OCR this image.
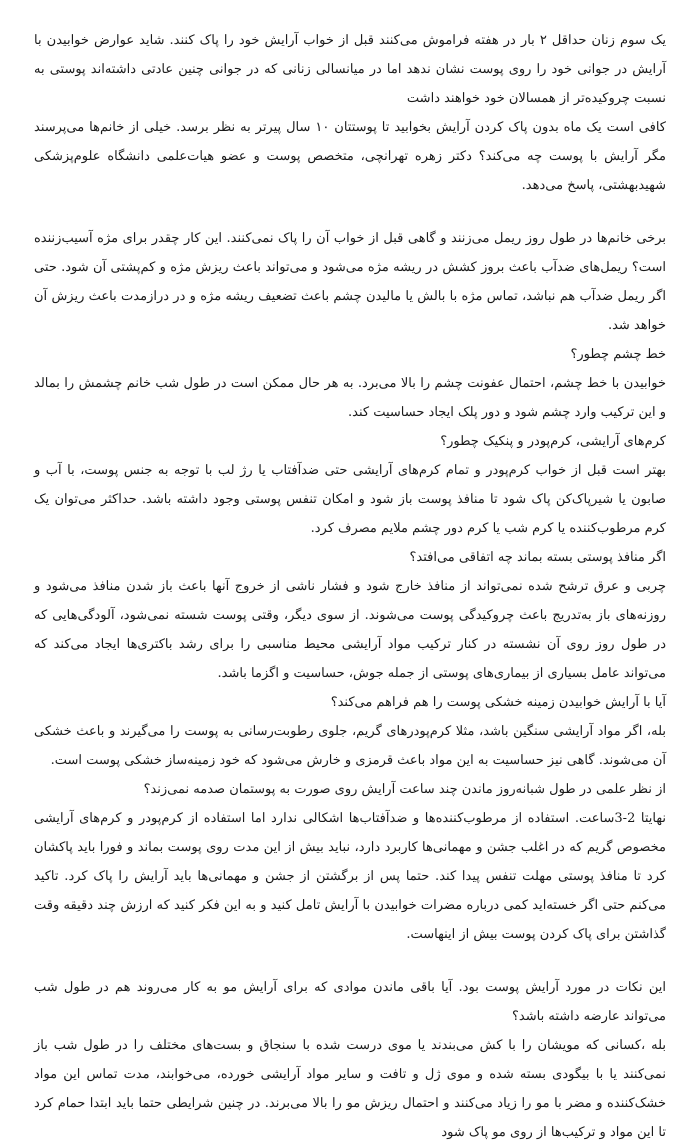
یک سوم زنان حداقل ۲ بار در هفته فراموش می‌کنند قبل از خواب آرایش خود را پاک کنند. شاید عوارض خوابیدن با آرایش در جوانی خود را روی پوست نشان ندهد اما در میانسالی زنانی که در جوانی چنین عادتی داشته‌اند پوستی به نسبت چروکیده‌تر از همسالان خود خواهند داشت

کافی است یک ماه بدون پاک کردن آرایش بخوابید تا پوستتان ۱۰ سال پیرتر به نظر برسد. خیلی از خانم‌ها می‌پرسند مگر آرایش با پوست چه می‌کند؟ دکتر زهره تهرانچی، متخصص پوست و عضو هیات‌علمی دانشگاه علوم‌پزشکی شهیدبهشتی، پاسخ می‌دهد.

برخی خانم‌ها در طول روز ریمل می‌زنند و گاهی قبل از خواب آن را پاک نمی‌کنند. این کار چقدر برای مژه آسیب‌زننده است؟ ریمل‌های ضدآب باعث بروز کشش در ریشه مژه می‌شود و می‌تواند باعث ریزش مژه و کم‌پشتی آن شود. حتی اگر ریمل ضدآب هم نباشد، تماس مژه با بالش یا مالیدن چشم باعث تضعیف ریشه مژه و در درازمدت باعث ریزش آن خواهد شد.

خط چشم چطور؟

خوابیدن با خط چشم، احتمال عفونت چشم را بالا می‌برد. به هر حال ممکن است در طول شب خانم چشمش را بمالد و این ترکیب وارد چشم شود و دور پلک ایجاد حساسیت کند.

کرم‌های آرایشی، کرم‌پودر و پنکیک چطور؟

بهتر است قبل از خواب کرم‌پودر و تمام کرم‌های آرایشی حتی ضدآفتاب یا رژ لب با توجه به جنس پوست، با آب و صابون یا شیرپاک‌کن پاک شود تا منافذ پوست باز شود و امکان تنفس پوستی وجود داشته باشد. حداکثر می‌توان یک کرم مرطوب‌کننده یا کرم شب یا کرم دور چشم ملایم مصرف کرد.

اگر منافذ پوستی بسته بماند چه اتفاقی می‌افتد؟

چربی و عرق ترشح شده نمی‌تواند از منافذ خارج شود و فشار ناشی از خروج آنها باعث باز شدن منافذ می‌شود و روزنه‌های باز به‌تدریج باعث چروکیدگی پوست می‌شوند. از سوی دیگر، وقتی پوست شسته نمی‌شود، آلودگی‌هایی که در طول روز روی آن نشسته در کنار ترکیب مواد آرایشی محیط مناسبی را برای رشد باکتری‌ها ایجاد می‌کند که می‌تواند عامل بسیاری از بیماری‌های پوستی از جمله جوش، حساسیت و اگزما باشد.

آیا با آرایش خوابیدن زمینه خشکی پوست را هم فراهم می‌کند؟

بله، اگر مواد آرایشی سنگین باشد، مثلا کرم‌پودرهای گریم، جلوی رطوبت‌رسانی به پوست را می‌گیرند و باعث خشکی آن می‌شوند. گاهی نیز حساسیت به این مواد باعث قرمزی و خارش می‌شود که خود زمینه‌ساز خشکی پوست است.

از نظر علمی در طول شبانه‌روز ماندن چند ساعت آرایش روی صورت به پوستمان صدمه نمی‌زند؟

نهایتا 2-3ساعت. استفاده از مرطوب‌کننده‌ها و ضدآفتاب‌ها اشکالی ندارد اما استفاده از کرم‌پودر و کرم‌های آرایشی مخصوص گریم که در اغلب جشن و مهمانی‌ها کاربرد دارد، نباید بیش از این مدت روی پوست بماند و فورا باید پاکشان کرد تا منافذ پوستی مهلت تنفس پیدا کند. حتما پس از برگشتن از جشن و مهمانی‌ها باید آرایش را پاک کرد. تاکید می‌کنم حتی اگر خسته‌اید کمی درباره مضرات خوابیدن با آرایش تامل کنید و به این فکر کنید که ارزش چند دقیقه وقت گذاشتن برای پاک کردن پوست بیش از اینهاست.

این نکات در مورد آرایش پوست بود. آیا باقی ماندن موادی که برای آرایش مو به کار می‌روند هم در طول شب می‌تواند عارضه داشته باشد؟

بله ،کسانی که مویشان را با کش می‌بندند یا موی درست شده با سنجاق و بست‌های مختلف را در طول شب باز نمی‌کنند یا با بیگودی بسته شده و موی ژل و تافت و سایر مواد آرایشی خورده، می‌خوابند، مدت تماس این مواد خشک‌کننده و مضر با مو را زیاد می‌کنند و احتمال ریزش مو را بالا می‌برند. در چنین شرایطی حتما باید ابتدا حمام کرد تا این مواد و ترکیب‌ها از روی مو پاک شود
